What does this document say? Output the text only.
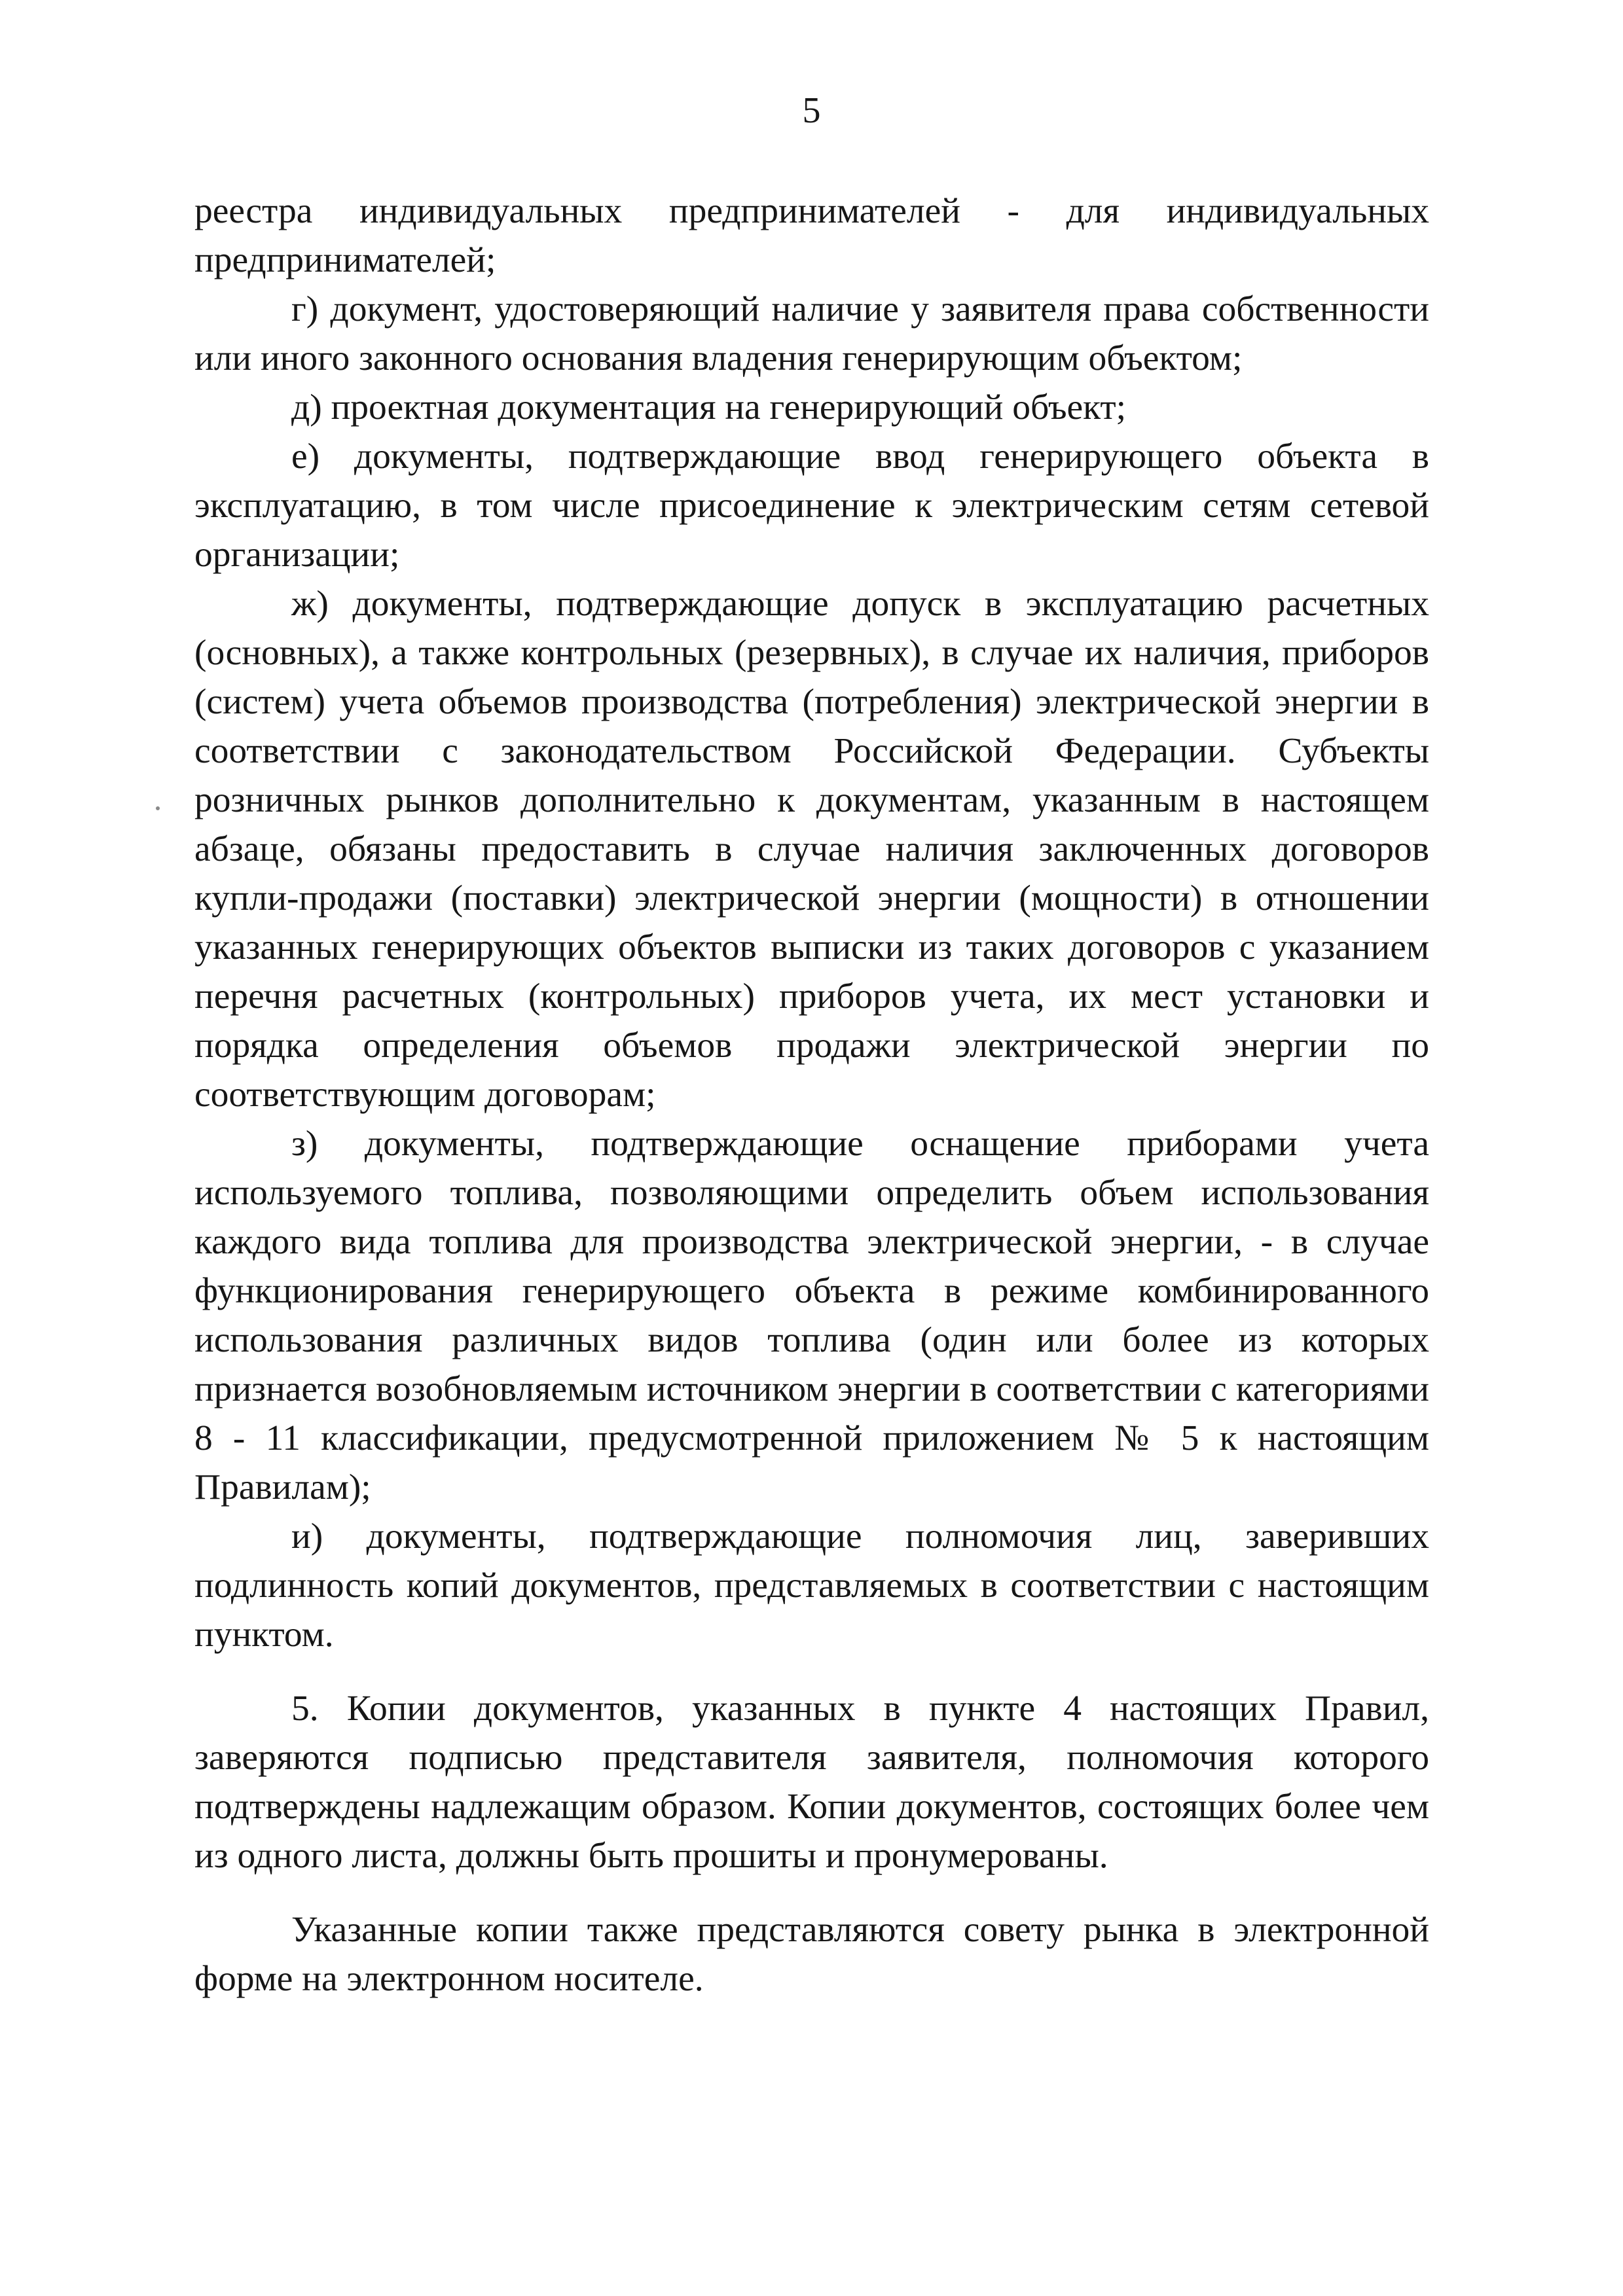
5

реестра индивидуальных предпринимателей - для индивидуальных предпринимателей;

г) документ, удостоверяющий наличие у заявителя права собственности или иного законного основания владения генерирующим объектом;

д) проектная документация на генерирующий объект;

е) документы, подтверждающие ввод генерирующего объекта в эксплуатацию, в том числе присоединение к электрическим сетям сетевой организации;

ж) документы, подтверждающие допуск в эксплуатацию расчетных (основных), а также контрольных (резервных), в случае их наличия, приборов (систем) учета объемов производства (потребления) электрической энергии в соответствии с законодательством Российской Федерации. Субъекты розничных рынков дополнительно к документам, указанным в настоящем абзаце, обязаны предоставить в случае наличия заключенных договоров купли-продажи (поставки) электрической энергии (мощности) в отношении указанных генерирующих объектов выписки из таких договоров с указанием перечня расчетных (контрольных) приборов учета, их мест установки и порядка определения объемов продажи электрической энергии по соответствующим договорам;

з) документы, подтверждающие оснащение приборами учета используемого топлива, позволяющими определить объем использования каждого вида топлива для производства электрической энергии, - в случае функционирования генерирующего объекта в режиме комбинированного использования различных видов топлива (один или более из которых признается возобновляемым источником энергии в соответствии с категориями 8 - 11 классификации, предусмотренной приложением № 5 к настоящим Правилам);

и) документы, подтверждающие полномочия лиц, заверивших подлинность копий документов, представляемых в соответствии с настоящим пунктом.

5. Копии документов, указанных в пункте 4 настоящих Правил, заверяются подписью представителя заявителя, полномочия которого подтверждены надлежащим образом. Копии документов, состоящих более чем из одного листа, должны быть прошиты и пронумерованы.

Указанные копии также представляются совету рынка в электронной форме на электронном носителе.
